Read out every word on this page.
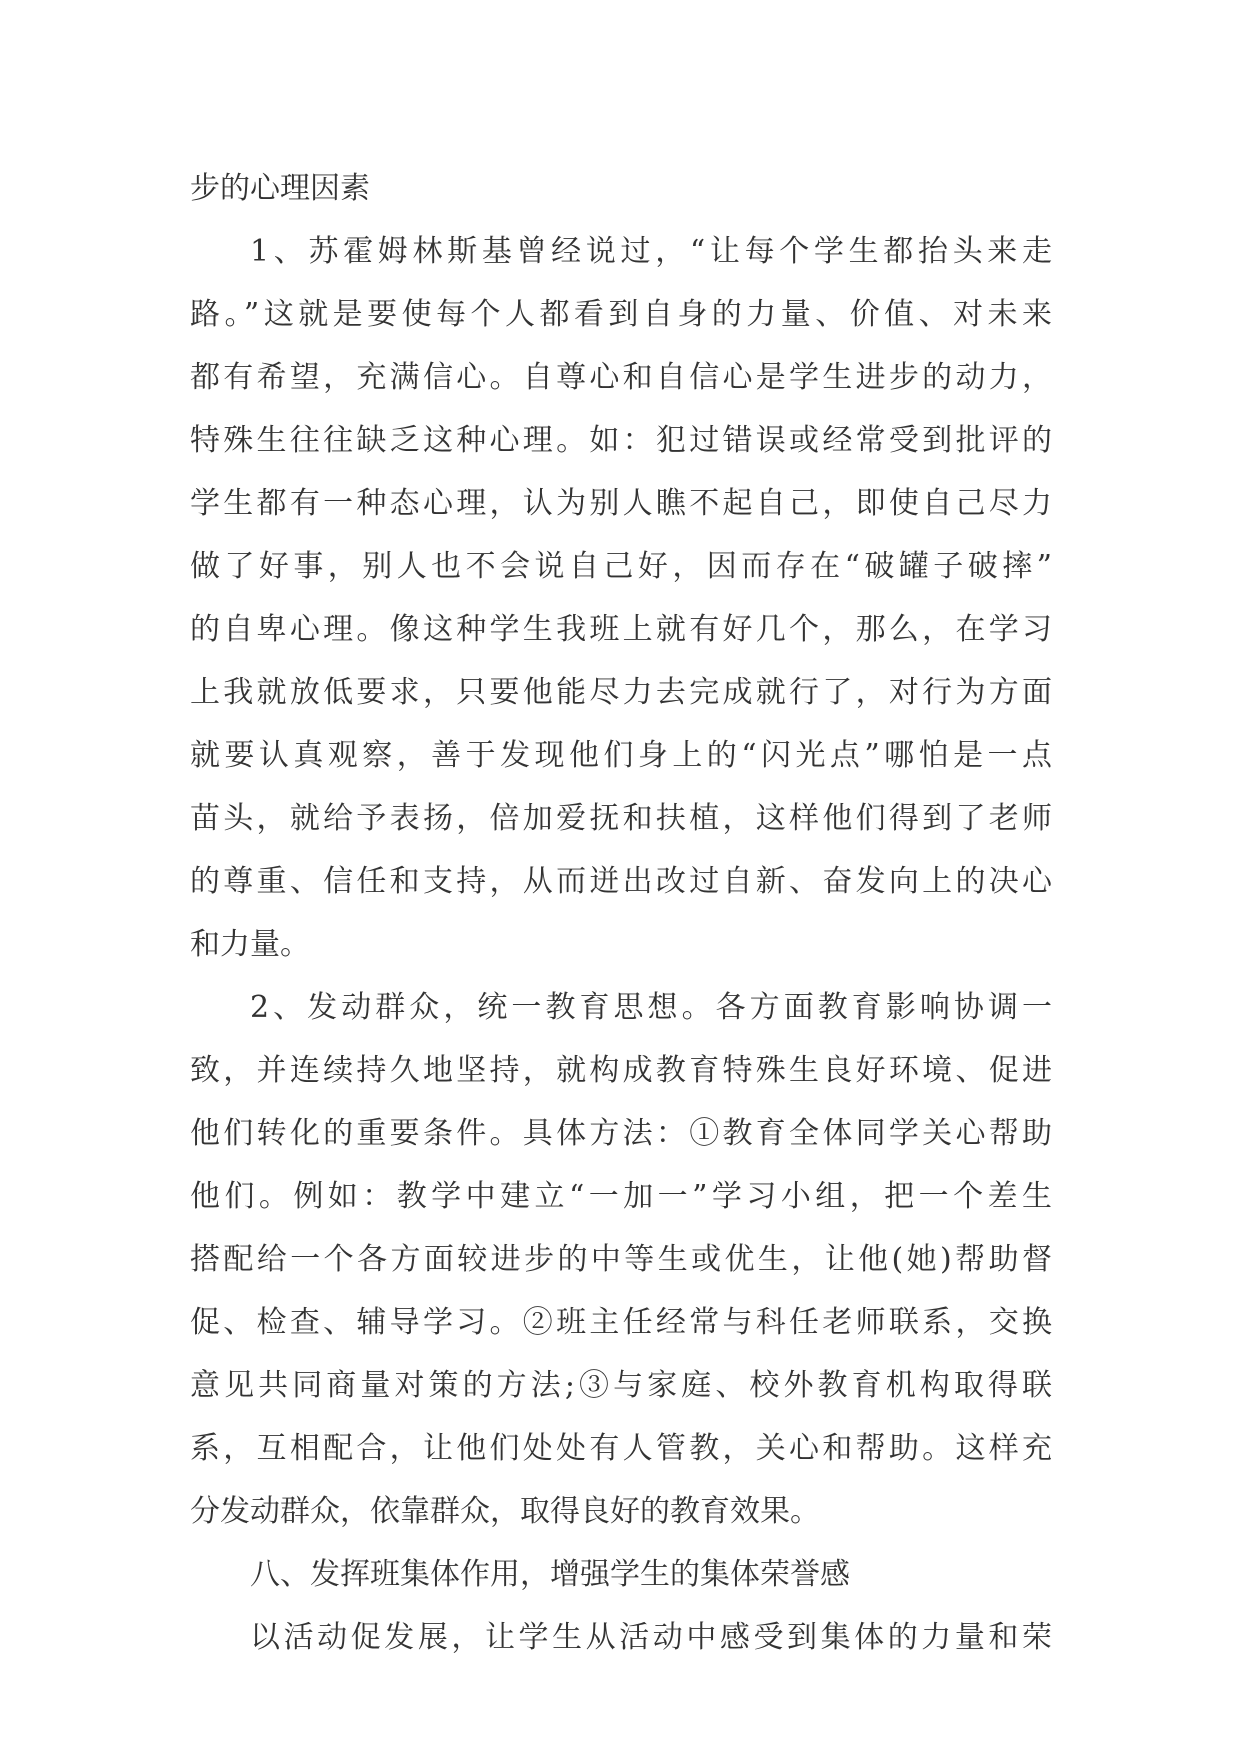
步的心理因素
1、苏霍姆林斯基曾经说过，“让每个学生都抬头来走
路。”这就是要使每个人都看到自身的力量、价值、对未来
都有希望，充满信心。自尊心和自信心是学生进步的动力，
特殊生往往缺乏这种心理。如：犯过错误或经常受到批评的
学生都有一种态心理，认为别人瞧不起自己，即使自己尽力
做了好事，别人也不会说自己好，因而存在“破罐子破摔”
的自卑心理。像这种学生我班上就有好几个，那么，在学习
上我就放低要求，只要他能尽力去完成就行了，对行为方面
就要认真观察，善于发现他们身上的“闪光点”哪怕是一点
苗头，就给予表扬，倍加爱抚和扶植，这样他们得到了老师
的尊重、信任和支持，从而迸出改过自新、奋发向上的决心
和力量。
2、发动群众，统一教育思想。各方面教育影响协调一
致，并连续持久地坚持，就构成教育特殊生良好环境、促进
他们转化的重要条件。具体方法：①教育全体同学关心帮助
他们。例如：教学中建立“一加一”学习小组，把一个差生
搭配给一个各方面较进步的中等生或优生，让他(她)帮助督
促、检查、辅导学习。②班主任经常与科任老师联系，交换
意见共同商量对策的方法;③与家庭、校外教育机构取得联
系，互相配合，让他们处处有人管教，关心和帮助。这样充
分发动群众，依靠群众，取得良好的教育效果。
八、发挥班集体作用，增强学生的集体荣誉感
以活动促发展，让学生从活动中感受到集体的力量和荣
